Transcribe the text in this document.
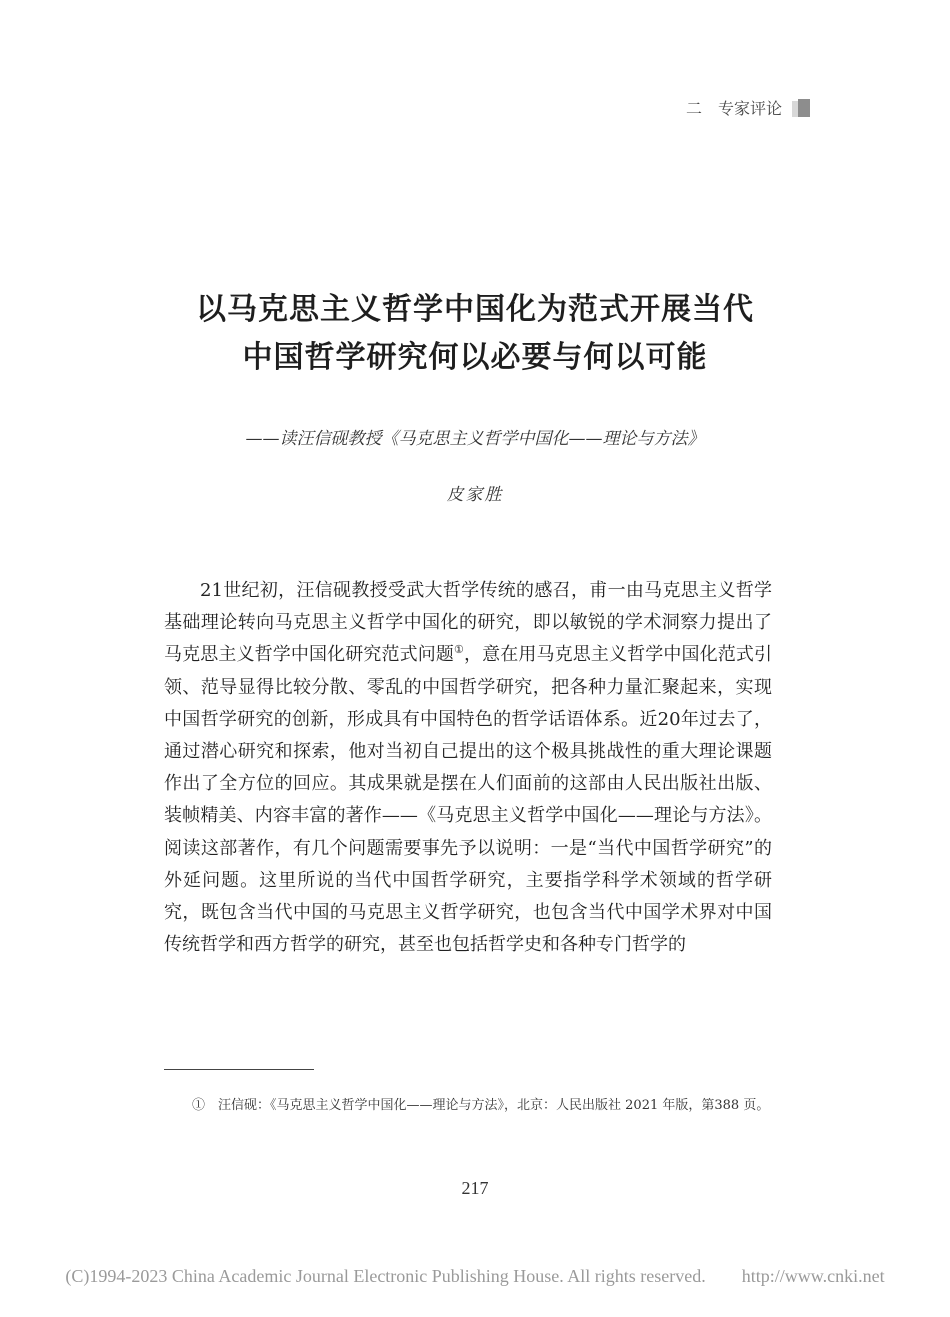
二　专家评论
以马克思主义哲学中国化为范式开展当代
中国哲学研究何以必要与何以可能
——读汪信砚教授《马克思主义哲学中国化——理论与方法》
皮家胜

21世纪初，汪信砚教授受武大哲学传统的感召，甫一由马克思主义哲学基础理论转向马克思主义哲学中国化的研究，即以敏锐的学术洞察力提出了马克思主义哲学中国化研究范式问题①，意在用马克思主义哲学中国化范式引领、范导显得比较分散、零乱的中国哲学研究，把各种力量汇聚起来，实现中国哲学研究的创新，形成具有中国特色的哲学话语体系。近20年过去了，通过潜心研究和探索，他对当初自己提出的这个极具挑战性的重大理论课题作出了全方位的回应。其成果就是摆在人们面前的这部由人民出版社出版、装帧精美、内容丰富的著作——《马克思主义哲学中国化——理论与方法》。阅读这部著作，有几个问题需要事先予以说明：一是“当代中国哲学研究”的外延问题。这里所说的当代中国哲学研究，主要指学科学术领域的哲学研究，既包含当代中国的马克思主义哲学研究，也包含当代中国学术界对中国传统哲学和西方哲学的研究，甚至也包括哲学史和各种专门哲学的

①　 汪信砚：《马克思主义哲学中国化——理论与方法》，北京：人民出版社 2021 年版，第388 页。

217
(C)1994-2023 China Academic Journal Electronic Publishing House. All rights reserved.　　http://www.cnki.net
